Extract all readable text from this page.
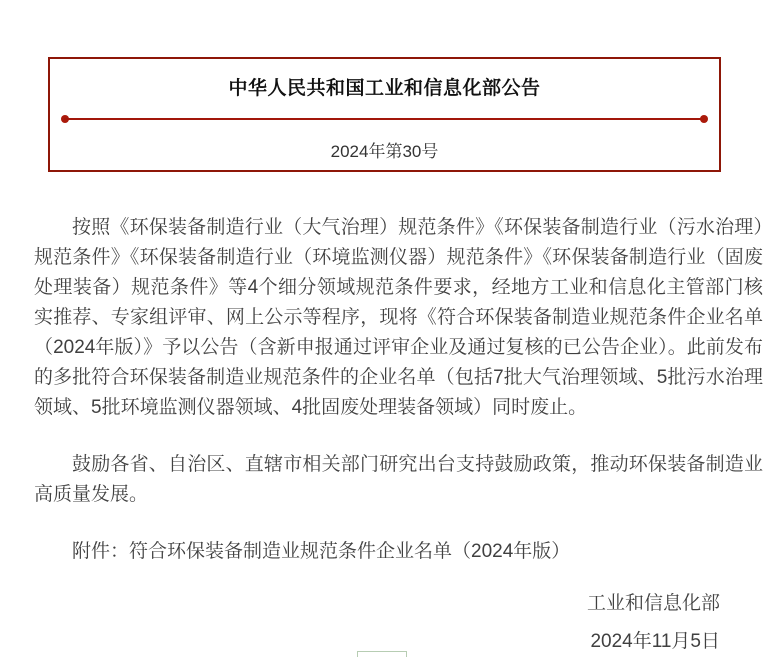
中华人民共和国工业和信息化部公告
2024年第30号

按照《环保装备制造行业（大气治理）规范条件》《环保装备制造行业（污水治理）规范条件》《环保装备制造行业（环境监测仪器）规范条件》《环保装备制造行业（固废处理装备）规范条件》等4个细分领域规范条件要求，经地方工业和信息化主管部门核实推荐、专家组评审、网上公示等程序，现将《符合环保装备制造业规范条件企业名单（2024年版）》予以公告（含新申报通过评审企业及通过复核的已公告企业）。此前发布的多批符合环保装备制造业规范条件的企业名单（包括7批大气治理领域、5批污水治理领域、5批环境监测仪器领域、4批固废处理装备领域）同时废止。

鼓励各省、自治区、直辖市相关部门研究出台支持鼓励政策，推动环保装备制造业高质量发展。

附件：符合环保装备制造业规范条件企业名单（2024年版）
工业和信息化部
2024年11月5日
